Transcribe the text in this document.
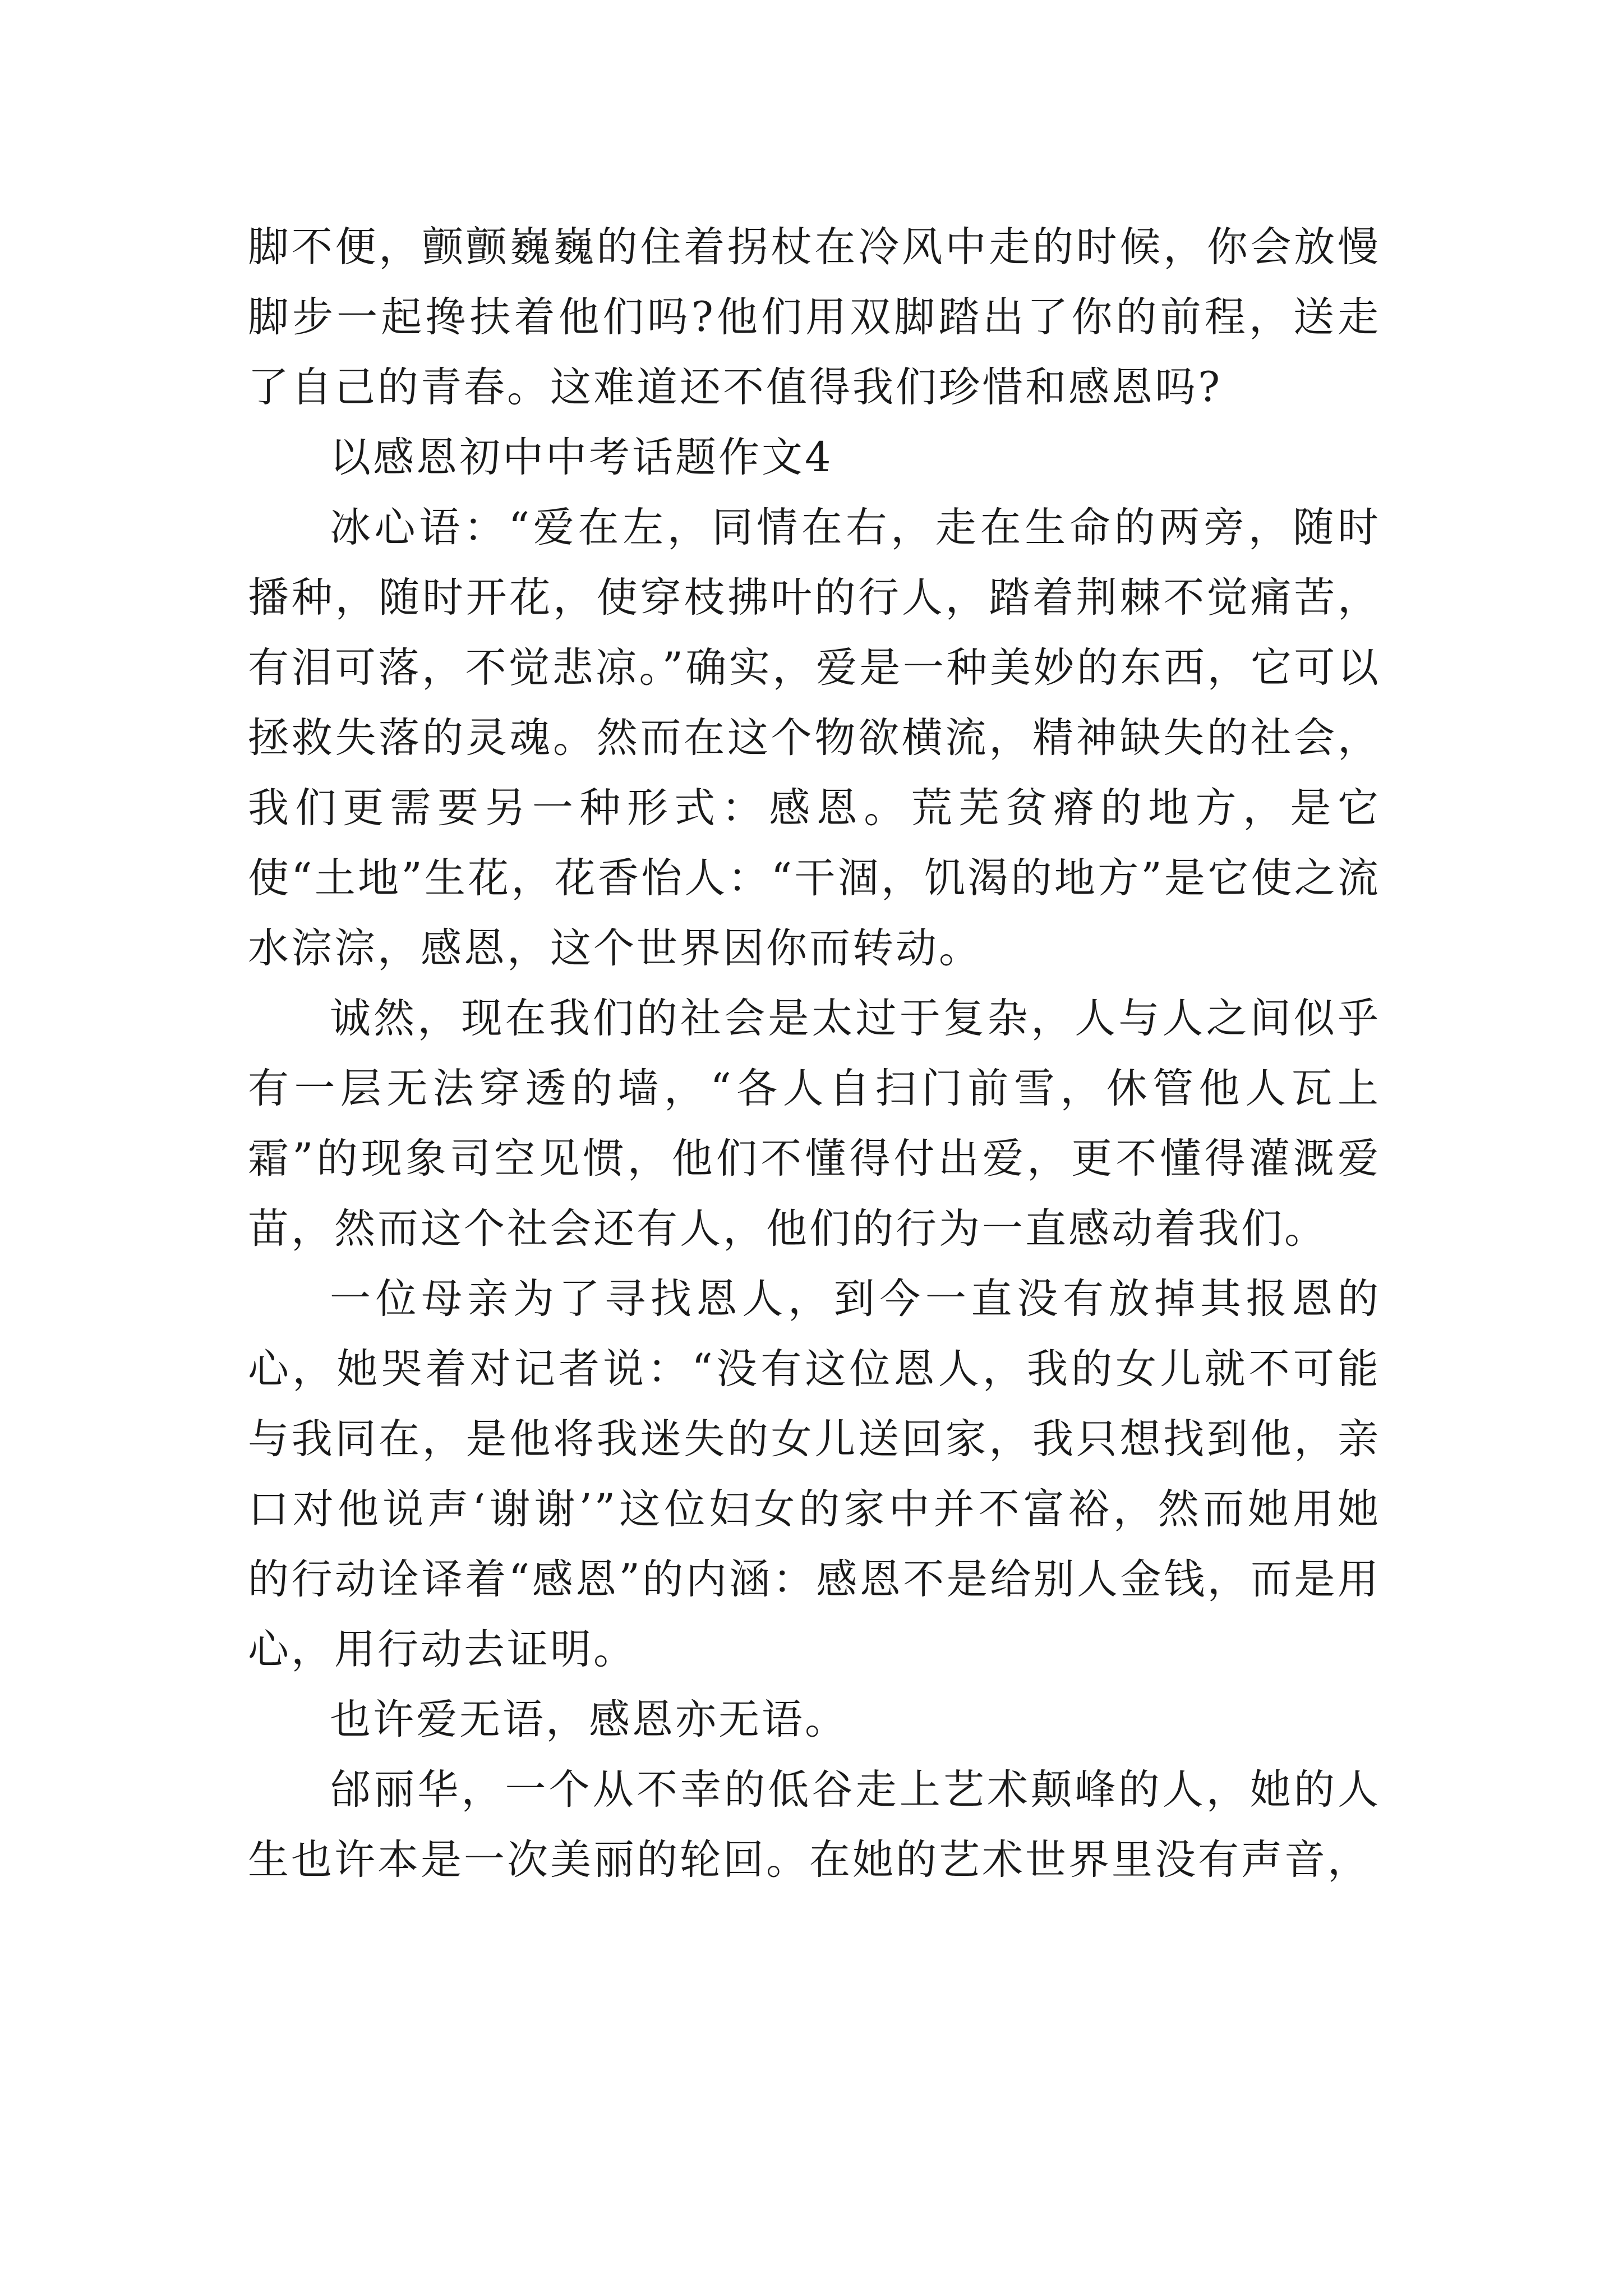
脚不便，颤颤巍巍的住着拐杖在冷风中走的时候，你会放慢脚步一起搀扶着他们吗?他们用双脚踏出了你的前程，送走了自己的青春。这难道还不值得我们珍惜和感恩吗?

以感恩初中中考话题作文4

冰心语：“爱在左，同情在右，走在生命的两旁，随时播种，随时开花，使穿枝拂叶的行人，踏着荆棘不觉痛苦，有泪可落，不觉悲凉。”确实，爱是一种美妙的东西，它可以拯救失落的灵魂。然而在这个物欲横流，精神缺失的社会，我们更需要另一种形式：感恩。荒芜贫瘠的地方，是它使“土地”生花，花香怡人：“干涸，饥渴的地方”是它使之流水淙淙，感恩，这个世界因你而转动。

诚然，现在我们的社会是太过于复杂，人与人之间似乎有一层无法穿透的墙，“各人自扫门前雪，休管他人瓦上霜”的现象司空见惯，他们不懂得付出爱，更不懂得灌溉爱苗，然而这个社会还有人，他们的行为一直感动着我们。

一位母亲为了寻找恩人，到今一直没有放掉其报恩的心，她哭着对记者说：“没有这位恩人，我的女儿就不可能与我同在，是他将我迷失的女儿送回家，我只想找到他，亲口对他说声‘谢谢’”这位妇女的家中并不富裕，然而她用她的行动诠译着“感恩”的内涵：感恩不是给别人金钱，而是用心，用行动去证明。

也许爱无语，感恩亦无语。

邰丽华，一个从不幸的低谷走上艺术颠峰的人，她的人生也许本是一次美丽的轮回。在她的艺术世界里没有声音，
